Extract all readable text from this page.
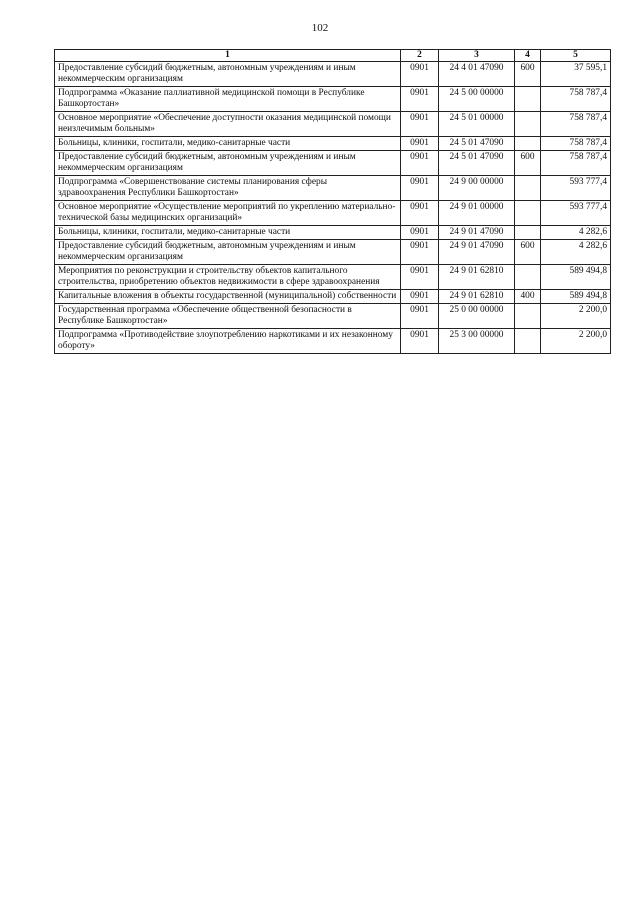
102
1	2	3	4	5
Предоставление субсидий бюджетным, автономным учреждениям и иным некоммерческим организациям	0901	24 4 01 47090	600	37 595,1
Подпрограмма «Оказание паллиативной медицинской помощи в Республике Башкортостан»	0901	24 5 00 00000		758 787,4
Основное мероприятие «Обеспечение доступности оказания медицинской помощи неизлечимым больным»	0901	24 5 01 00000		758 787,4
Больницы, клиники, госпитали, медико-санитарные части	0901	24 5 01 47090		758 787,4
Предоставление субсидий бюджетным, автономным учреждениям и иным некоммерческим организациям	0901	24 5 01 47090	600	758 787,4
Подпрограмма «Совершенствование системы планирования сферы здравоохранения Республики Башкортостан»	0901	24 9 00 00000		593 777,4
Основное мероприятие «Осуществление мероприятий по укреплению материально-технической базы медицинских организаций»	0901	24 9 01 00000		593 777,4
Больницы, клиники, госпитали, медико-санитарные части	0901	24 9 01 47090		4 282,6
Предоставление субсидий бюджетным, автономным учреждениям и иным некоммерческим организациям	0901	24 9 01 47090	600	4 282,6
Мероприятия по реконструкции и строительству объектов капитального строительства, приобретению объектов недвижимости в сфере здравоохранения	0901	24 9 01 62810		589 494,8
Капитальные вложения в объекты государственной (муниципальной) собственности	0901	24 9 01 62810	400	589 494,8
Государственная программа «Обеспечение общественной безопасности в Республике Башкортостан»	0901	25 0 00 00000		2 200,0
Подпрограмма «Противодействие злоупотреблению наркотиками и их незаконному обороту»	0901	25 3 00 00000		2 200,0
